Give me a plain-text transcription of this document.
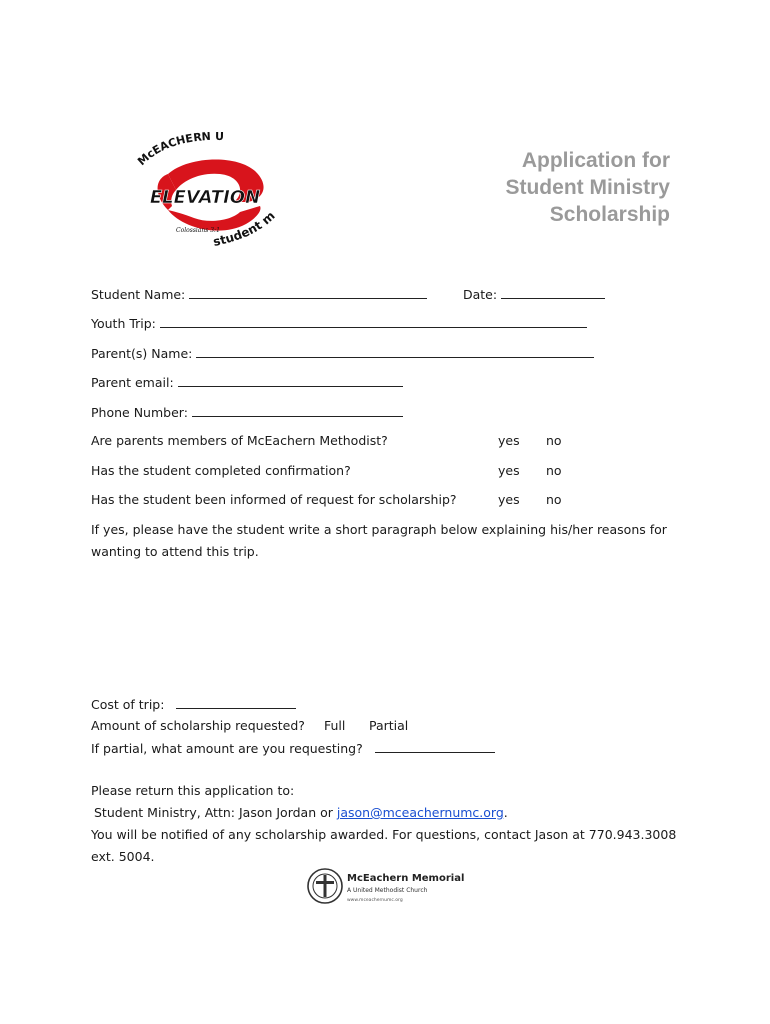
McEACHERN U
ELEVATION
Colossians 3:1
student m
Application for
Student Ministry
Scholarship
Student Name:	Date:
Youth Trip:
Parent(s) Name:
Parent email:
Phone Number:
Are parents members of McEachern Methodist?	yes no
Has the student completed confirmation?	yes no
Has the student been informed of request for scholarship?	yes no
If yes, please have the student write a short paragraph below explaining his/her reasons for
wanting to attend this trip.
Cost of trip:
Amount of scholarship requested? Full Partial
If partial, what amount are you requesting?
Please return this application to:
Student Ministry, Attn: Jason Jordan or jason@mceachernumc.org.
You will be notified of any scholarship awarded. For questions, contact Jason at 770.943.3008
ext. 5004.
McEachern Memorial
A United Methodist Church
www.mceachernumc.org
